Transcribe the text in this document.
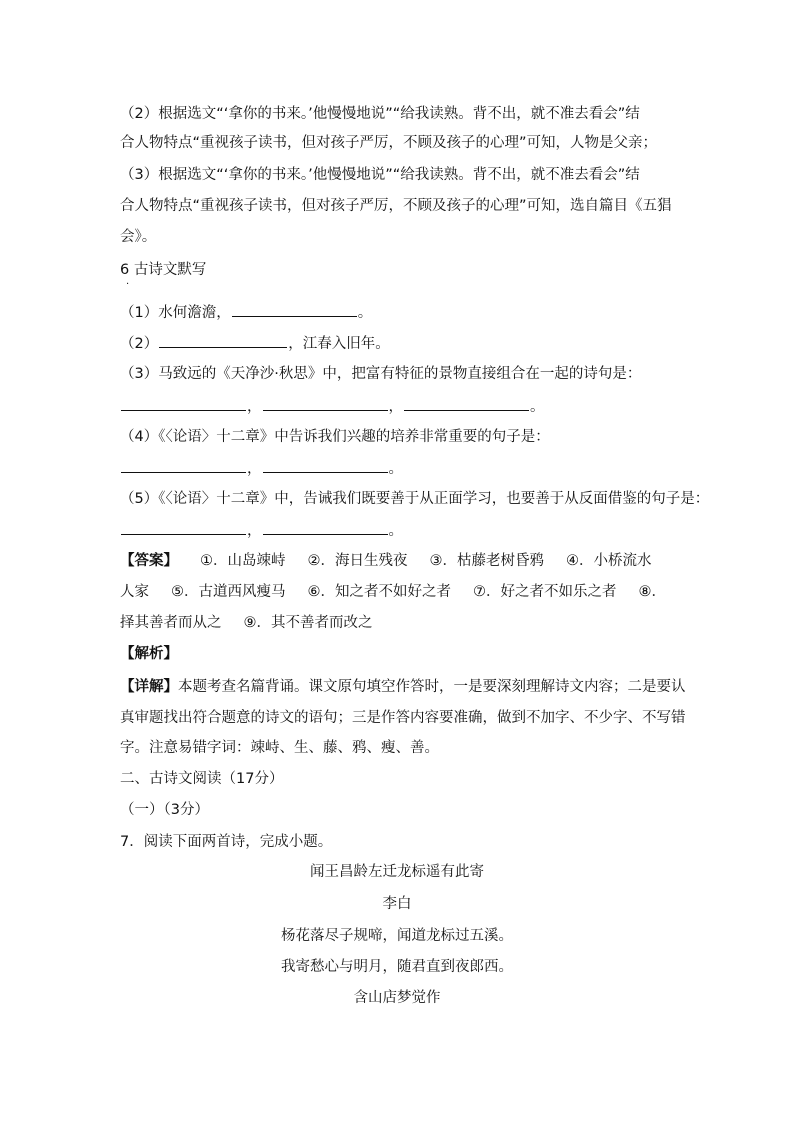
（2）根据选文“‘拿你的书来。’他慢慢地说”“给我读熟。背不出，就不准去看会”结
合人物特点“重视孩子读书，但对孩子严厉，不顾及孩子的心理”可知，人物是父亲；
（3）根据选文“‘拿你的书来。’他慢慢地说”“给我读熟。背不出，就不准去看会”结
合人物特点“重视孩子读书，但对孩子严厉，不顾及孩子的心理”可知，选自篇目《五猖
会》。
6 古诗文默写
·
（1）水何澹澹，	。
（2）	，江春入旧年。
（3）马致远的《天净沙·秋思》中，把富有特征的景物直接组合在一起的诗句是：
，	，	。
（4）《〈论语〉十二章》中告诉我们兴趣的培养非常重要的句子是：
，	。
（5）《〈论语〉十二章》中，告诫我们既要善于从正面学习，也要善于从反面借鉴的句子是：
，	。
【答案】 ①．山岛竦峙 ②．海日生残夜 ③．枯藤老树昏鸦 ④．小桥流水
人家 ⑤．古道西风瘦马 ⑥．知之者不如好之者 ⑦．好之者不如乐之者 ⑧．
择其善者而从之 ⑨．其不善者而改之
【解析】
【详解】本题考查名篇背诵。课文原句填空作答时，一是要深刻理解诗文内容；二是要认
真审题找出符合题意的诗文的语句；三是作答内容要准确，做到不加字、不少字、不写错
字。注意易错字词：竦峙、生、藤、鸦、瘦、善。
二、古诗文阅读（17分）
（一）（3分）
7．阅读下面两首诗，完成小题。
闻王昌龄左迁龙标遥有此寄
李白
杨花落尽子规啼，闻道龙标过五溪。
我寄愁心与明月，随君直到夜郎西。
含山店梦觉作
